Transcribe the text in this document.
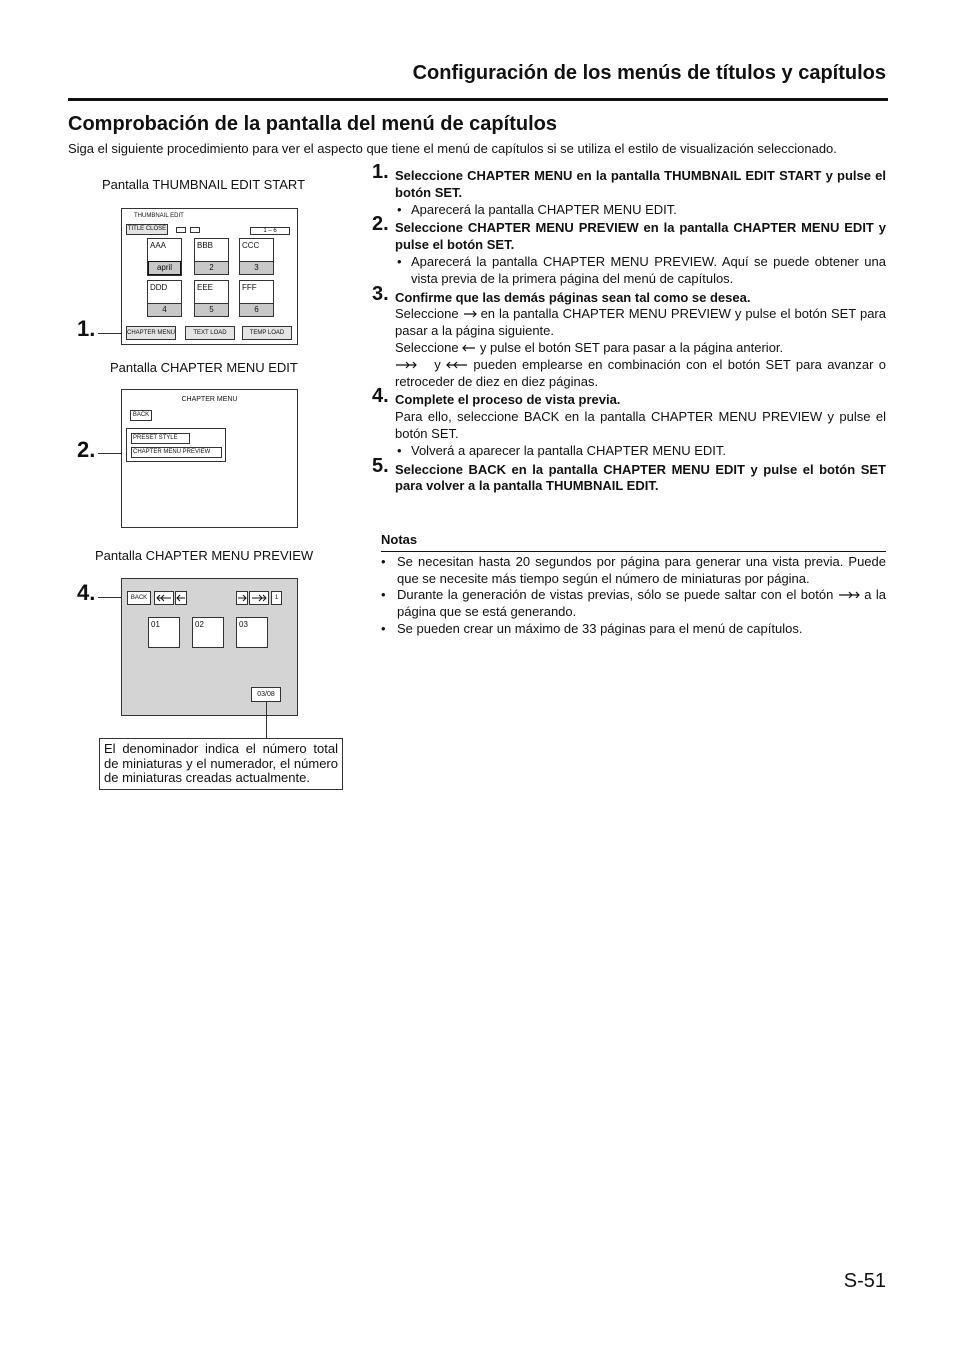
Configuración de los menús de títulos y capítulos
Comprobación de la pantalla del menú de capítulos
Siga el siguiente procedimiento para ver el aspecto que tiene el menú de capítulos si se utiliza el estilo de visualización seleccionado.
Pantalla THUMBNAIL EDIT START
1.
THUMBNAIL EDIT
TITLE CLOSE	1 – 6
AAA
april
BBB
2
CCC
3
DDD
4
EEE
5
FFF
6
CHAPTER MENU	TEXT LOAD	TEMP LOAD
Pantalla CHAPTER MENU EDIT
2.
CHAPTER MENU
BACK
PRESET STYLE
CHAPTER MENU PREVIEW
Pantalla CHAPTER MENU PREVIEW
4.	BACK	1
01	02	03
03/08
El denominador indica el número total de miniaturas y el numerador, el número de miniaturas creadas actualmente.
1. Seleccione CHAPTER MENU en la pantalla THUMBNAIL EDIT START y pulse el botón SET.
• Aparecerá la pantalla CHAPTER MENU EDIT.
2. Seleccione CHAPTER MENU PREVIEW en la pantalla CHAPTER MENU EDIT y pulse el botón SET.
• Aparecerá la pantalla CHAPTER MENU PREVIEW. Aquí se puede obtener una vista previa de la primera página del menú de capítulos.
3. Confirme que las demás páginas sean tal como se desea.
Seleccione en la pantalla CHAPTER MENU PREVIEW y pulse el botón SET para pasar a la página siguiente.
Seleccione y pulse el botón SET para pasar a la página anterior.
y	pueden emplearse en combinación con el botón SET para avanzar o retroceder de diez en diez páginas.
4. Complete el proceso de vista previa.
Para ello, seleccione BACK en la pantalla CHAPTER MENU PREVIEW y pulse el botón SET.
• Volverá a aparecer la pantalla CHAPTER MENU EDIT.
5. Seleccione BACK en la pantalla CHAPTER MENU EDIT y pulse el botón SET para volver a la pantalla THUMBNAIL EDIT.
Notas
• Se necesitan hasta 20 segundos por página para generar una vista previa. Puede que se necesite más tiempo según el número de miniaturas por página.
• Durante la generación de vistas previas, sólo se puede saltar con el botón a la página que se está generando.
• Se pueden crear un máximo de 33 páginas para el menú de capítulos.
S-51
